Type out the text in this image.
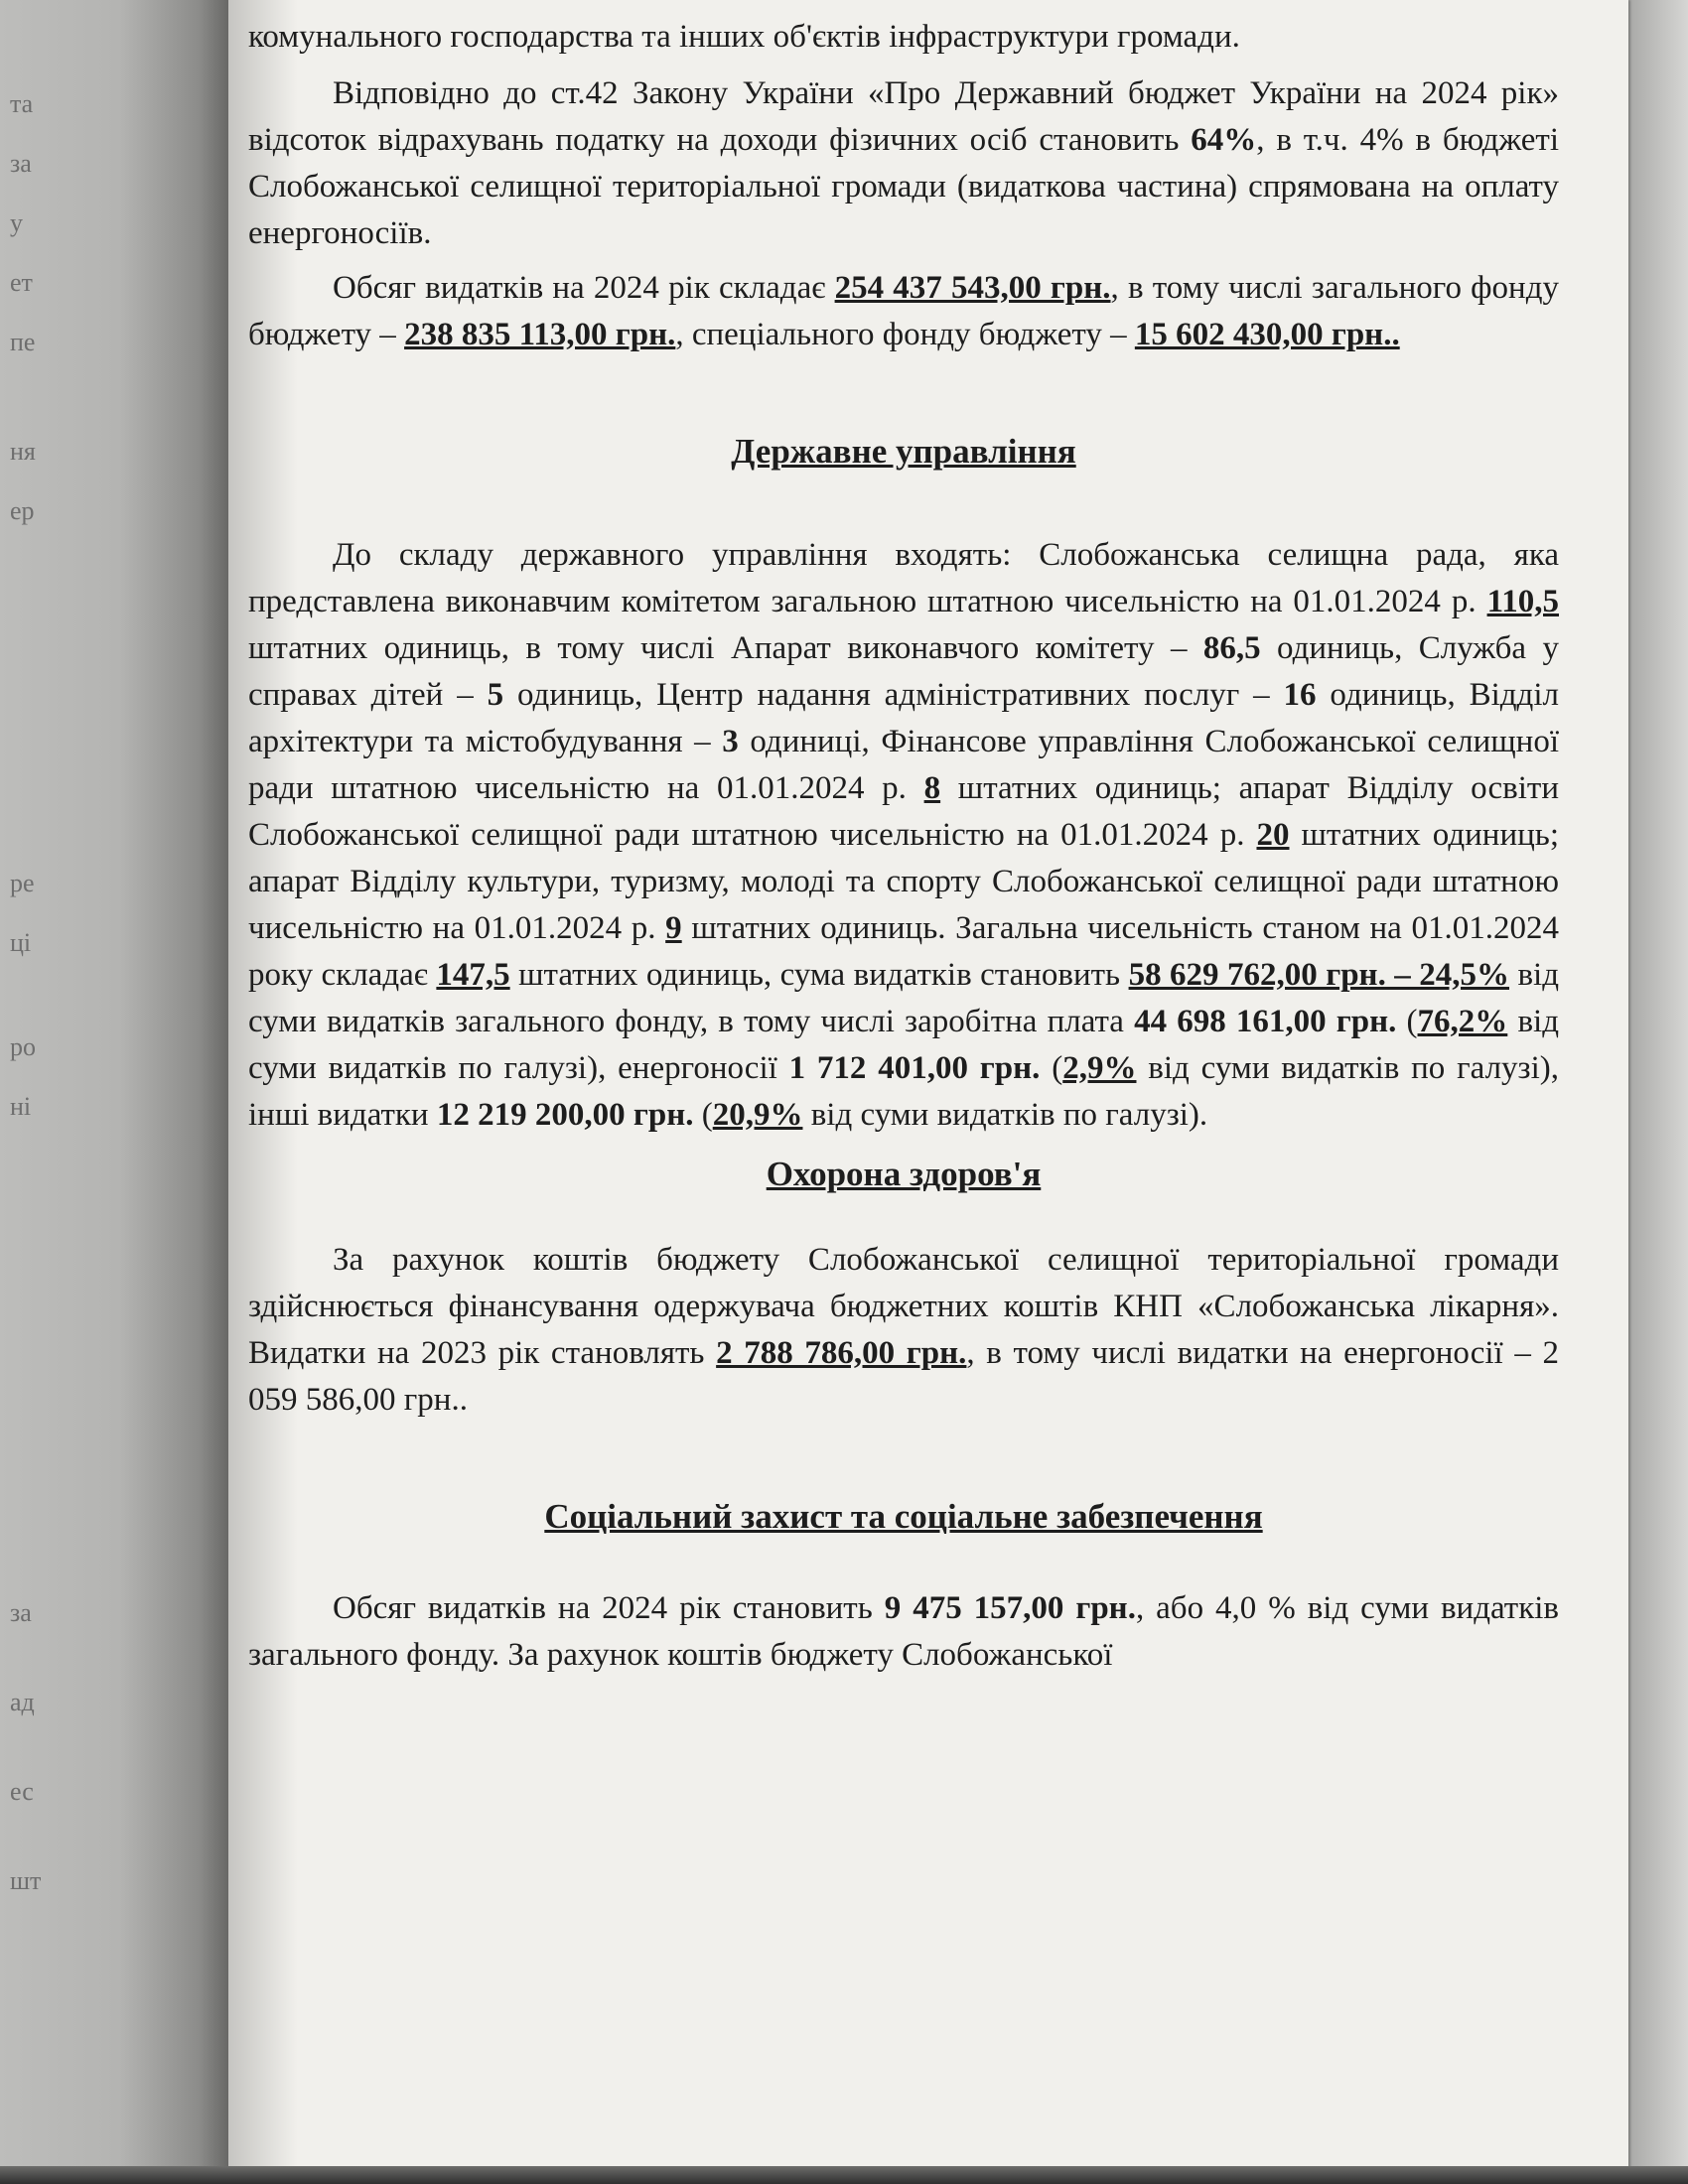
та
за
у
ет
пе
ня
ер
ре
ці
ро
ні
за
ад
ес
шт

комунального господарства та інших об'єктів інфраструктури громади.

Відповідно до ст.42 Закону України «Про Державний бюджет України на 2024 рік» відсоток відрахувань податку на доходи фізичних осіб становить 64%, в т.ч. 4% в бюджеті Слобожанської селищної територіальної громади (видаткова частина) спрямована на оплату енергоносіїв.

Обсяг видатків на 2024 рік складає 254 437 543,00 грн., в тому числі загального фонду бюджету – 238 835 113,00 грн., спеціального фонду бюджету – 15 602 430,00 грн..

Державне управління

До складу державного управління входять: Слобожанська селищна рада, яка представлена виконавчим комітетом загальною штатною чисельністю на 01.01.2024 р. 110,5 штатних одиниць, в тому числі Апарат виконавчого комітету – 86,5 одиниць, Служба у справах дітей – 5 одиниць, Центр надання адміністративних послуг – 16 одиниць, Відділ архітектури та містобудування – 3 одиниці, Фінансове управління Слобожанської селищної ради штатною чисельністю на 01.01.2024 р. 8 штатних одиниць; апарат Відділу освіти Слобожанської селищної ради штатною чисельністю на 01.01.2024 р. 20 штатних одиниць; апарат Відділу культури, туризму, молоді та спорту Слобожанської селищної ради штатною чисельністю на 01.01.2024 р. 9 штатних одиниць. Загальна чисельність станом на 01.01.2024 року складає 147,5 штатних одиниць, сума видатків становить 58 629 762,00 грн. – 24,5% від суми видатків загального фонду, в тому числі заробітна плата 44 698 161,00 грн. (76,2% від суми видатків по галузі), енергоносії 1 712 401,00 грн. (2,9% від суми видатків по галузі), інші видатки 12 219 200,00 грн. (20,9% від суми видатків по галузі).

Охорона здоров'я

За рахунок коштів бюджету Слобожанської селищної територіальної громади здійснюється фінансування одержувача бюджетних коштів КНП «Слобожанська лікарня». Видатки на 2023 рік становлять 2 788 786,00 грн., в тому числі видатки на енергоносії – 2 059 586,00 грн..

Соціальний захист та соціальне забезпечення

Обсяг видатків на 2024 рік становить 9 475 157,00 грн., або 4,0 % від суми видатків загального фонду. За рахунок коштів бюджету Слобожанської
